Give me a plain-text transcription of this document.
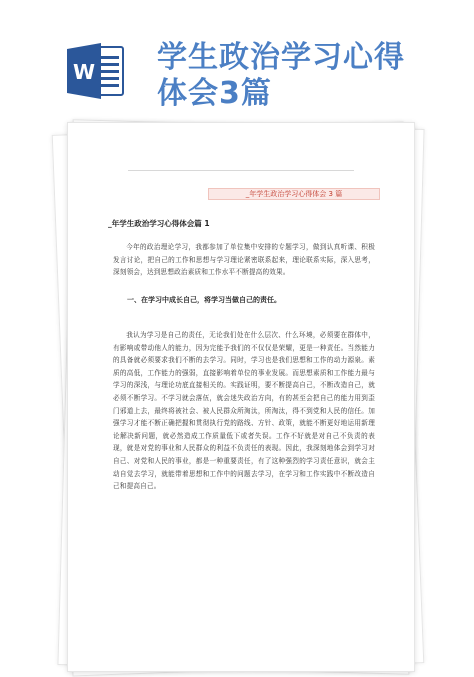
W 学生政治学习心得
体会3篇
_年学生政治学习心得体会 3 篇
_年学生政治学习心得体会篇 1

今年的政治理论学习，我都参加了单位集中安排的专题学习，做到认真听课、积极发言讨论，把自己的工作和思想与学习理论紧密联系起来，理论联系实际，深入思考，深刻领会，达到思想政治素质和工作水平不断提高的效果。

一、在学习中成长自己，将学习当做自己的责任。

我认为学习是自己的责任，无论我们处在什么层次、什么环境，必须要在群体中，有影响或带动他人的能力，因为完能予我们的不仅仅是荣耀，更是一种责任。当然能力的具备就必须要求我们不断的去学习。同时，学习也是我们思想和工作的动力源泉。素质的高低，工作能力的强弱，直接影响着单位的事业发展。而思想素质和工作能力最与学习的深浅，与理论功底直接相关的。实践证明，要不断提高自己，不断改造自己，就必须不断学习。不学习就会落伍，就会迷失政治方向，有的甚至会把自己的能力用到歪门邪道上去，最终将被社会、被人民群众所淘汰，所淘汰，得不到党和人民的信任。加强学习才能不断正确把握和贯彻执行党的路线、方针、政策，就能不断更好地运用新理论解决新问题，就必然造成工作质量低下或者失误。工作不好就是对自己不负责的表现，就是对党的事业和人民群众的利益不负责任的表现。因此，我深刻地体会到学习对自己、对党和人民的事业，都是一种重要责任，有了这种强烈的学习责任意识，就会主动自觉去学习，就能带着思想和工作中的问题去学习，在学习和工作实践中不断改造自己和提高自己。
